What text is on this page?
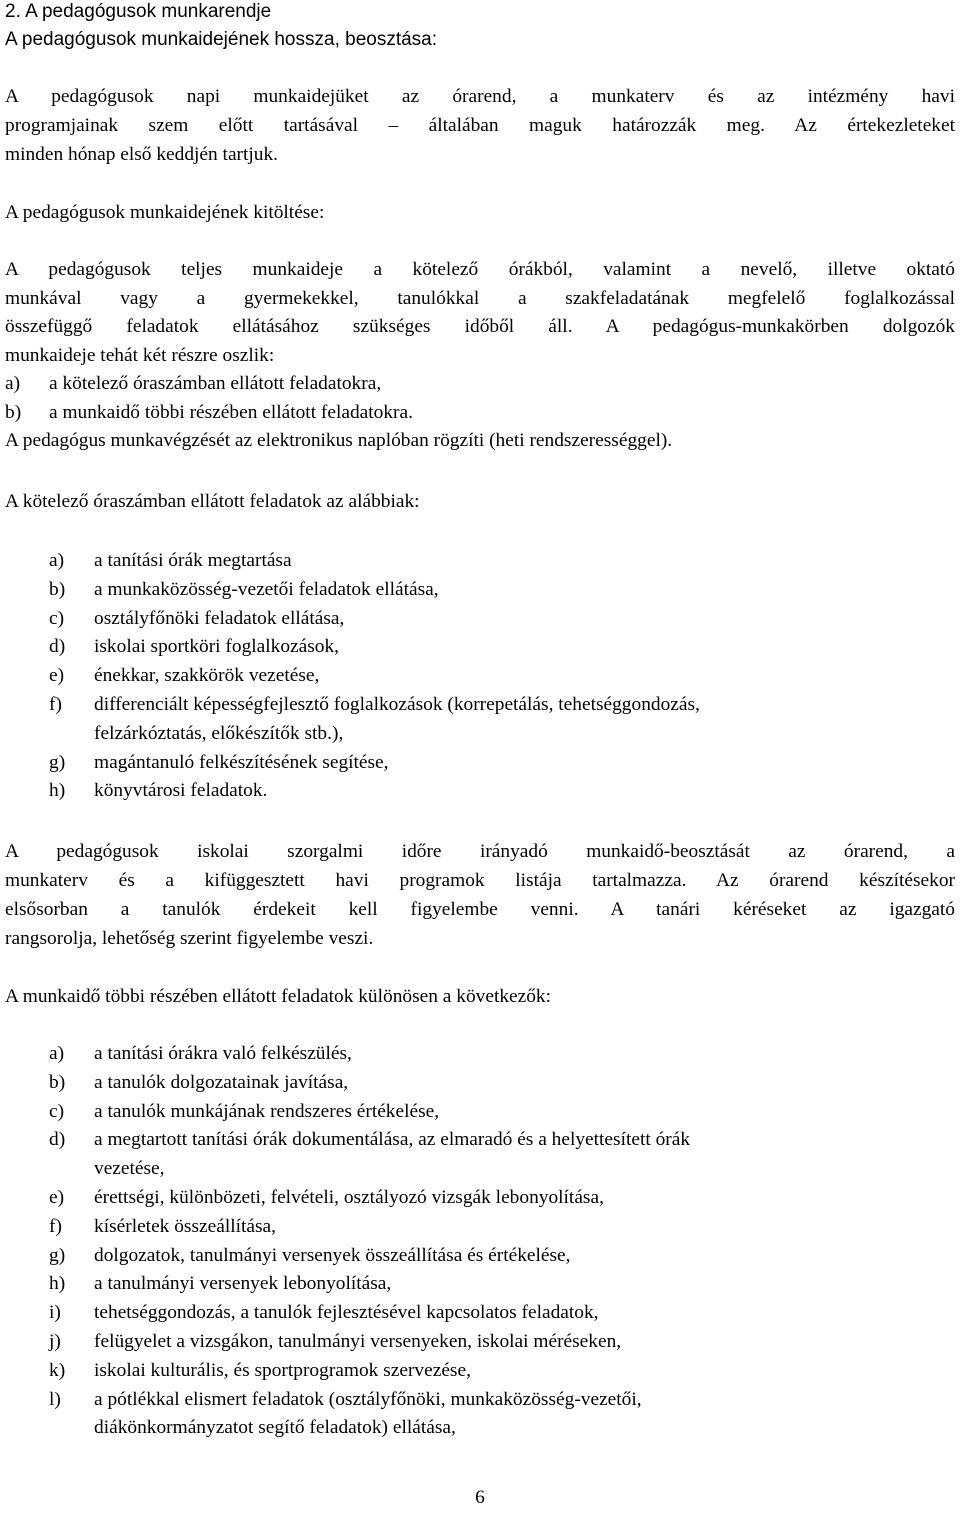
2. A pedagógusok munkarendje
A pedagógusok munkaidejének hossza, beosztása:
A pedagógusok napi munkaidejüket az órarend, a munkaterv és az intézmény havi
programjainak szem előtt tartásával – általában maguk határozzák meg. Az értekezleteket
minden hónap első keddjén tartjuk.
A pedagógusok munkaidejének kitöltése:
A pedagógusok teljes munkaideje a kötelező órákból, valamint a nevelő, illetve oktató
munkával vagy a gyermekekkel, tanulókkal a szakfeladatának megfelelő foglalkozással
összefüggő feladatok ellátásához szükséges időből áll. A pedagógus-munkakörben dolgozók
munkaideje tehát két részre oszlik:
a) a kötelező óraszámban ellátott feladatokra,
b) a munkaidő többi részében ellátott feladatokra.
A pedagógus munkavégzését az elektronikus naplóban rögzíti (heti rendszerességgel).
A kötelező óraszámban ellátott feladatok az alábbiak:
a) a tanítási órák megtartása
b) a munkaközösség-vezetői feladatok ellátása,
c) osztályfőnöki feladatok ellátása,
d) iskolai sportköri foglalkozások,
e) énekkar, szakkörök vezetése,
f) differenciált képességfejlesztő foglalkozások (korrepetálás, tehetséggondozás,
felzárkóztatás, előkészítők stb.),
g) magántanuló felkészítésének segítése,
h) könyvtárosi feladatok.
A pedagógusok iskolai szorgalmi időre irányadó munkaidő-beosztását az órarend, a
munkaterv és a kifüggesztett havi programok listája tartalmazza. Az órarend készítésekor
elsősorban a tanulók érdekeit kell figyelembe venni. A tanári kéréseket az igazgató
rangsorolja, lehetőség szerint figyelembe veszi.
A munkaidő többi részében ellátott feladatok különösen a következők:
a) a tanítási órákra való felkészülés,
b) a tanulók dolgozatainak javítása,
c) a tanulók munkájának rendszeres értékelése,
d) a megtartott tanítási órák dokumentálása, az elmaradó és a helyettesített órák
vezetése,
e) érettségi, különbözeti, felvételi, osztályozó vizsgák lebonyolítása,
f) kísérletek összeállítása,
g) dolgozatok, tanulmányi versenyek összeállítása és értékelése,
h) a tanulmányi versenyek lebonyolítása,
i) tehetséggondozás, a tanulók fejlesztésével kapcsolatos feladatok,
j) felügyelet a vizsgákon, tanulmányi versenyeken, iskolai méréseken,
k) iskolai kulturális, és sportprogramok szervezése,
l) a pótlékkal elismert feladatok (osztályfőnöki, munkaközösség-vezetői,
diákönkormányzatot segítő feladatok) ellátása,
6
